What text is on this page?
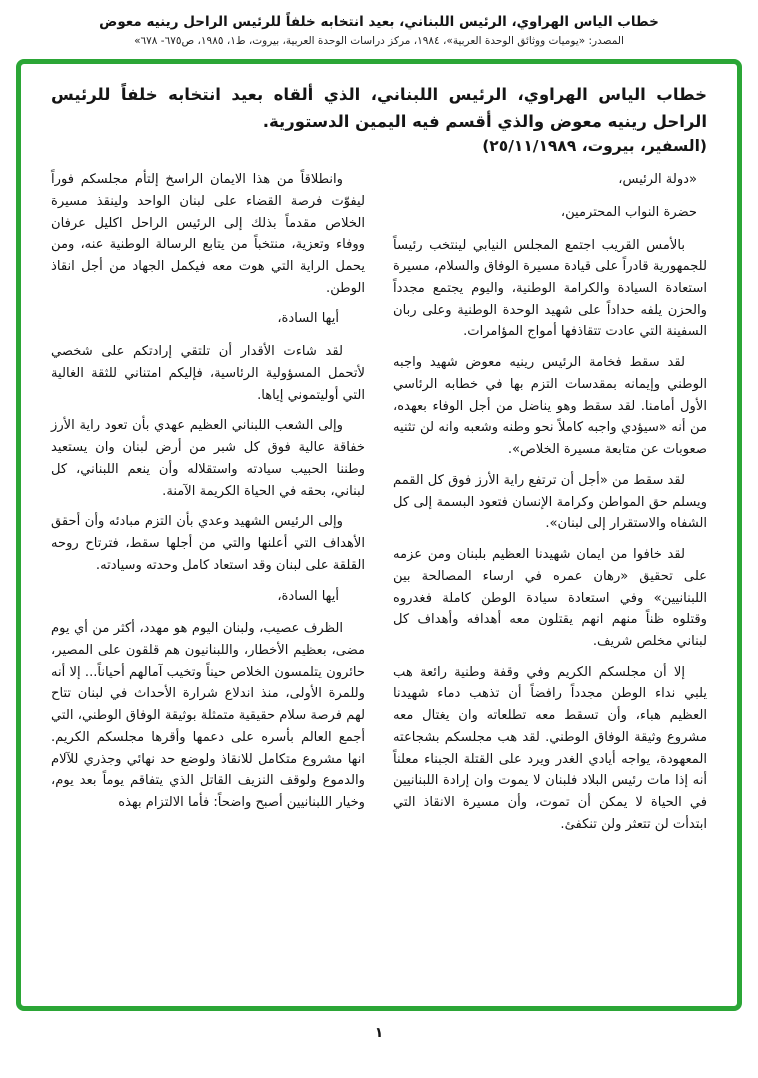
خطاب الياس الهراوي، الرئيس اللبناني، بعيد انتخابه خلفاً للرئيس الراحل رينيه معوض
المصدر: «يوميات ووثائق الوحدة العربية»، ١٩٨٤، مركز دراسات الوحدة العربية، بيروت، ط١، ١٩٨٥، ص٦٧٥- ٦٧٨»
خطاب الياس الهراوي، الرئيس اللبناني، الذي ألقاه بعيد انتخابه خلفاً للرئيس الراحل رينيه معوض والذي أقسم فيه اليمين الدستورية.
(السفير، بيروت، ٢٥/١١/١٩٨٩)

«دولة الرئيس،

حضرة النواب المحترمين،

بالأمس القريب اجتمع المجلس النيابي لينتخب رئيساً للجمهورية قادراً على قيادة مسيرة الوفاق والسلام، مسيرة استعادة السيادة والكرامة الوطنية، واليوم يجتمع مجدداً والحزن يلفه حداداً على شهيد الوحدة الوطنية وعلى ربان السفينة التي عادت تتقاذفها أمواج المؤامرات.

لقد سقط فخامة الرئيس رينيه معوض شهيد واجبه الوطني وإيمانه بمقدسات التزم بها في خطابه الرئاسي الأول أمامنا. لقد سقط وهو يناضل من أجل الوفاء بعهده، من أنه «سيؤدي واجبه كاملاً نحو وطنه وشعبه وانه لن تثنيه صعوبات عن متابعة مسيرة الخلاص».

لقد سقط من «أجل أن ترتفع راية الأرز فوق كل القمم ويسلم حق المواطن وكرامة الإنسان فتعود البسمة إلى كل الشفاه والاستقرار إلى لبنان».

لقد خافوا من ايمان شهيدنا العظيم بلبنان ومن عزمه على تحقيق «رهان عمره في ارساء المصالحة بين اللبنانيين» وفي استعادة سيادة الوطن كاملة فغدروه وقتلوه ظناً منهم انهم يقتلون معه أهدافه وأهداف كل لبناني مخلص شريف.

إلا أن مجلسكم الكريم وفي وقفة وطنية رائعة هب يلبي نداء الوطن مجدداً رافضاً أن تذهب دماء شهيدنا العظيم هباء، وأن تسقط معه تطلعاته وان يغتال معه مشروع وثيقة الوفاق الوطني. لقد هب مجلسكم بشجاعته المعهودة، يواجه أيادي الغدر ويرد على القتلة الجبناء معلناً أنه إذا مات رئيس البلاد فلبنان لا يموت وان إرادة اللبنانيين في الحياة لا يمكن أن تموت، وأن مسيرة الانقاذ التي ابتدأت لن تتعثر ولن تنكفئ.

وانطلاقاً من هذا الايمان الراسخ إلتأم مجلسكم فوراً ليفوّت فرصة القضاء على لبنان الواحد ولينقذ مسيرة الخلاص مقدماً بذلك إلى الرئيس الراحل اكليل عرفان ووفاء وتعزية، منتخباً من يتابع الرسالة الوطنية عنه، ومن يحمل الراية التي هوت معه فيكمل الجهاد من أجل انقاذ الوطن.

أيها السادة،

لقد شاءت الأقدار أن تلتقي إرادتكم على شخصي لأتحمل المسؤولية الرئاسية، فإليكم امتناني للثقة الغالية التي أوليتموني إياها.

وإلى الشعب اللبناني العظيم عهدي بأن تعود راية الأرز خفاقة عالية فوق كل شبر من أرض لبنان وان يستعيد وطننا الحبيب سيادته واستقلاله وأن ينعم اللبناني، كل لبناني، بحقه في الحياة الكريمة الآمنة.

وإلى الرئيس الشهيد وعدي بأن التزم مبادئه وأن أحقق الأهداف التي أعلنها والتي من أجلها سقط، فترتاح روحه القلقة على لبنان وقد استعاد كامل وحدته وسيادته.

أيها السادة،

الظرف عصيب، ولبنان اليوم هو مهدد، أكثر من أي يوم مضى، بعظيم الأخطار، واللبنانيون هم قلقون على المصير، حائرون يتلمسون الخلاص حيناً وتخيب آمالهم أحياناً... إلا أنه وللمرة الأولى، منذ اندلاع شرارة الأحداث في لبنان تتاح لهم فرصة سلام حقيقية متمثلة بوثيقة الوفاق الوطني، التي أجمع العالم بأسره على دعمها وأقرها مجلسكم الكريم. انها مشروع متكامل للانقاذ ولوضع حد نهائي وجذري للآلام والدموع ولوقف النزيف القاتل الذي يتفاقم يوماً بعد يوم، وخيار اللبنانيين أصبح واضحاً: فأما الالتزام بهذه

١
